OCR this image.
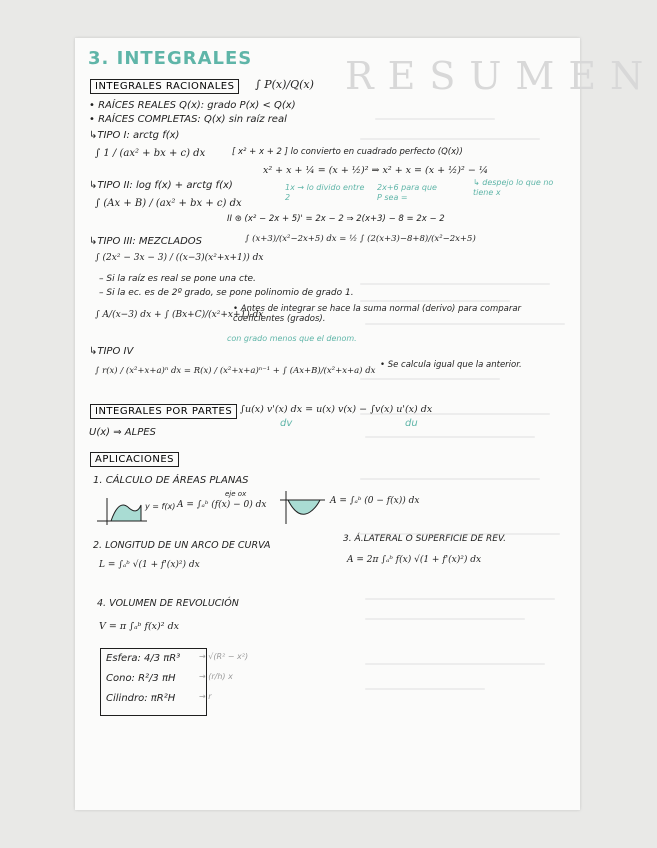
RESUMEN
3. INTEGRALES
INTEGRALES RACIONALES	∫ P(x)/Q(x)
• RAÍCES REALES Q(x): grado P(x) < Q(x)
• RAÍCES COMPLETAS: Q(x) sin raíz real
↳TIPO I: arctg f(x)
∫ 1 / (ax² + bx + c) dx	[ x² + x + 2 ] lo convierto en cuadrado perfecto (Q(x))
x² + x + ¼ = (x + ½)² ⇒ x² + x = (x + ½)² − ¼
1x → lo divido entre 2
2x+6 para que P sea =
↳ despejo lo que no tiene x
↳TIPO II: log f(x) + arctg f(x)
∫ (Ax + B) / (ax² + bx + c) dx
II ⊛ (x² − 2x + 5)' = 2x − 2 ⇒ 2(x+3) − 8 = 2x − 2
∫ (x+3)/(x²−2x+5) dx = ½ ∫ (2(x+3)−8+8)/(x²−2x+5)
↳TIPO III: MEZCLADOS
∫ (2x² − 3x − 3) / ((x−3)(x²+x+1)) dx
– Si la raíz es real se pone una cte.
– Si la ec. es de 2º grado, se pone polinomio de grado 1.
∫ A/(x−3) dx + ∫ (Bx+C)/(x²+x+1) dx
• Antes de integrar se hace la suma normal (derivo) para comparar coeficientes (grados).
con grado menos que el denom.
↳TIPO IV
∫ r(x) / (x²+x+a)ⁿ dx = R(x) / (x²+x+a)ⁿ⁻¹ + ∫ (Ax+B)/(x²+x+a) dx
• Se calcula igual que la anterior.
INTEGRALES POR PARTES ∫u(x) v'(x) dx = u(x) v(x) − ∫v(x) u'(x) dx
dv	du
U(x) ⇒ ALPES
APLICACIONES
1. CÁLCULO DE ÁREAS PLANAS
y = f(x) A = ∫ₐᵇ (f(x) − 0) dx
eje ox
A = ∫ₐᵇ (0 − f(x)) dx
2. LONGITUD DE UN ARCO DE CURVA
L = ∫ₐᵇ √(1 + f'(x)²) dx
3. Á.LATERAL O SUPERFICIE DE REV.
A = 2π ∫ₐᵇ f(x) √(1 + f'(x)²) dx
4. VOLUMEN DE REVOLUCIÓN
V = π ∫ₐᵇ f(x)² dx
Esfera: 4/3 πR³
Cono: R²/3 πH
Cilindro: πR²H
→ √(R² − x²)
→ (r/h) x
→ r
